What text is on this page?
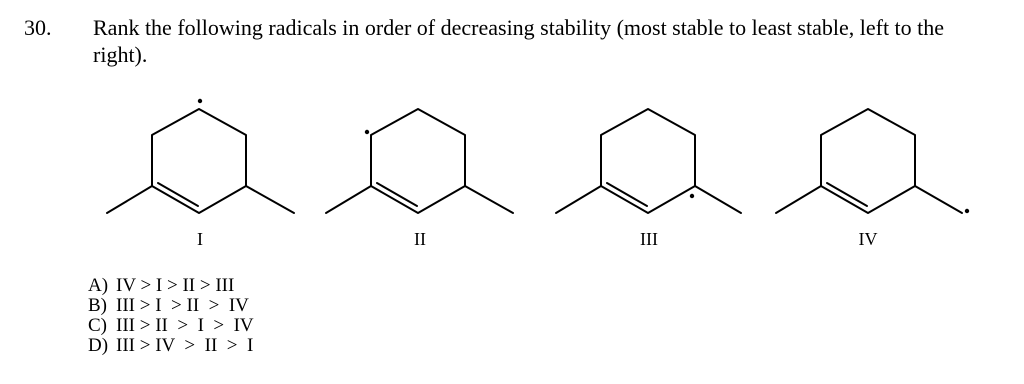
30. Rank the following radicals in order of decreasing stability (most stable to least stable, left to the right).
I	II	III	IV
A) IV > I > II > III
B) III > I  > II  >  IV
C) III > II  >  I  >  IV
D) III > IV  >  II  >  I
